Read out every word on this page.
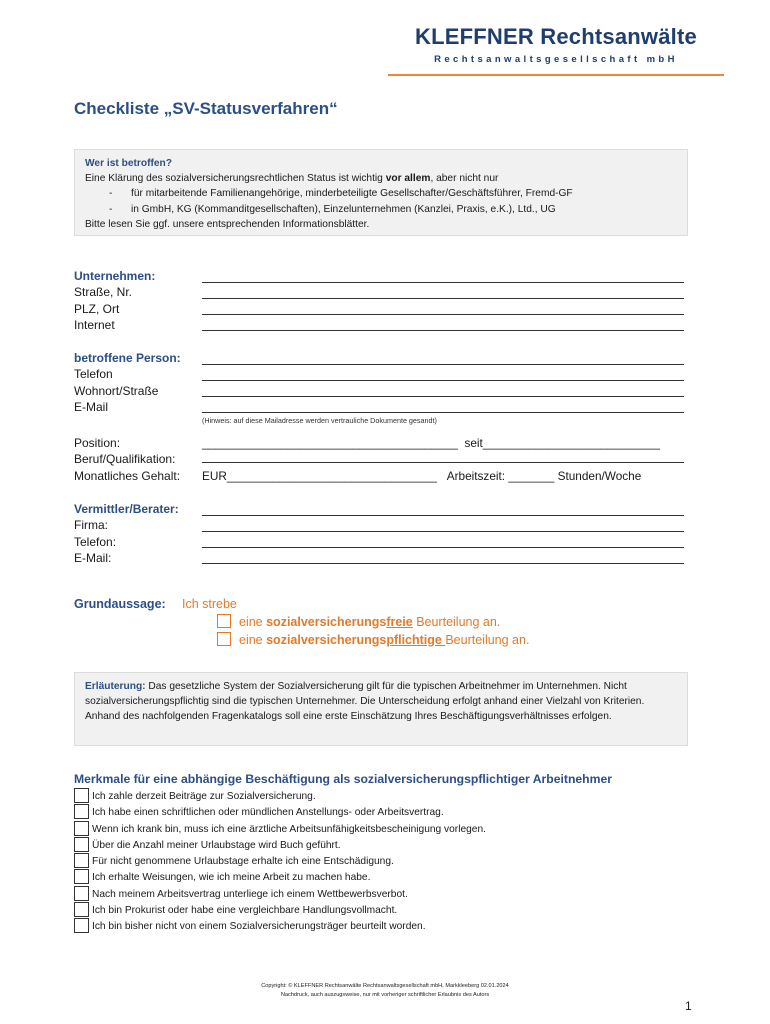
KLEFFNER Rechtsanwälte
Rechtsanwaltsgesellschaft mbH
Checkliste „SV-Statusverfahren“
Wer ist betroffen?
Eine Klärung des sozialversicherungsrechtlichen Status ist wichtig vor allem, aber nicht nur
- für mitarbeitende Familienangehörige, minderbeteiligte Gesellschafter/Geschäftsführer, Fremd-GF
- in GmbH, KG (Kommanditgesellschaften), Einzelunternehmen (Kanzlei, Praxis, e.K.), Ltd., UG
Bitte lesen Sie ggf. unsere entsprechenden Informationsblätter.
Unternehmen:
Straße, Nr.
PLZ, Ort
Internet
betroffene Person:
Telefon
Wohnort/Straße
E-Mail
(Hinweis: auf diese Mailadresse werden vertrauliche Dokumente gesandt)
Position:
Beruf/Qualifikation:
Monatliches Gehalt:
_______________________________________ seit___________________________
EUR________________________________ Arbeitszeit: _______ Stunden/Woche
Vermittler/Berater:
Firma:
Telefon:
E-Mail:
Grundaussage: Ich strebe
eine sozialversicherungsfreie Beurteilung an.
eine sozialversicherungspflichtige Beurteilung an.
Erläuterung: Das gesetzliche System der Sozialversicherung gilt für die typischen Arbeitnehmer im Unternehmen. Nicht sozialversicherungspflichtig sind die typischen Unternehmer. Die Unterscheidung erfolgt anhand einer Vielzahl von Kriterien. Anhand des nachfolgenden Fragenkatalogs soll eine erste Einschätzung Ihres Beschäftigungsverhältnisses erfolgen.
Merkmale für eine abhängige Beschäftigung als sozialversicherungspflichtiger Arbeitnehmer
Ich zahle derzeit Beiträge zur Sozialversicherung.
Ich habe einen schriftlichen oder mündlichen Anstellungs- oder Arbeitsvertrag.
Wenn ich krank bin, muss ich eine ärztliche Arbeitsunfähigkeitsbescheinigung vorlegen.
Über die Anzahl meiner Urlaubstage wird Buch geführt.
Für nicht genommene Urlaubstage erhalte ich eine Entschädigung.
Ich erhalte Weisungen, wie ich meine Arbeit zu machen habe.
Nach meinem Arbeitsvertrag unterliege ich einem Wettbewerbsverbot.
Ich bin Prokurist oder habe eine vergleichbare Handlungsvollmacht.
Ich bin bisher nicht von einem Sozialversicherungsträger beurteilt worden.
Copyright: © KLEFFNER Rechtsanwälte Rechtsanwaltsgesellschaft mbH, Markkleeberg 02.01.2024
Nachdruck, auch auszugsweise, nur mit vorheriger schriftlicher Erlaubnis des Autors
1
